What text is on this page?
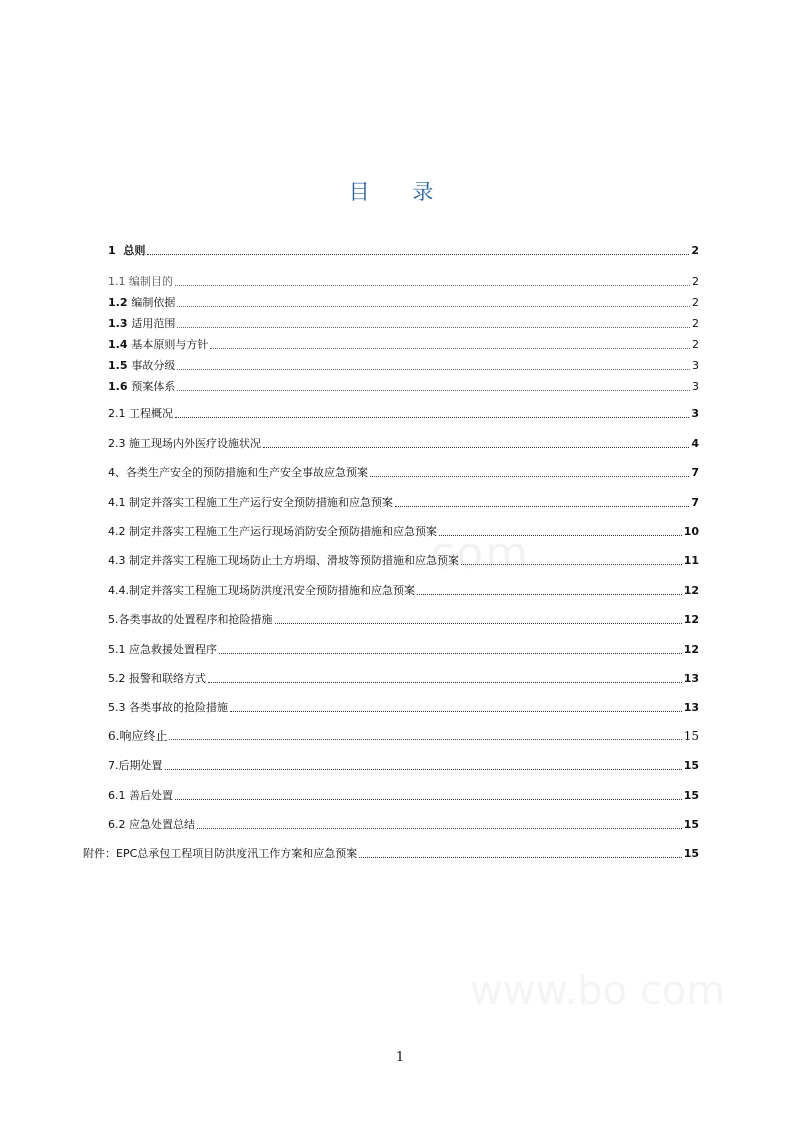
目 录
com
www.bo com
1 总则	2
1.1 编制目的	2
1.2 编制依据	2
1.3 适用范围	2
1.4 基本原则与方针	2
1.5 事故分级	3
1.6 预案体系	3
2.1 工程概况	3
2.3 施工现场内外医疗设施状况	4
4、各类生产安全的预防措施和生产安全事故应急预案	7
4.1 制定并落实工程施工生产运行安全预防措施和应急预案	7
4.2 制定并落实工程施工生产运行现场消防安全预防措施和应急预案	10
4.3 制定并落实工程施工现场防止土方坍塌、滑坡等预防措施和应急预案	11
4.4.制定并落实工程施工现场防洪度汛安全预防措施和应急预案	12
5.各类事故的处置程序和抢险措施	12
5.1 应急救援处置程序	12
5.2 报警和联络方式	13
5.3 各类事故的抢险措施	13
6.响应终止	15
7.后期处置	15
6.1 善后处置	15
6.2 应急处置总结	15
附件：EPC总承包工程项目防洪度汛工作方案和应急预案	15
1
